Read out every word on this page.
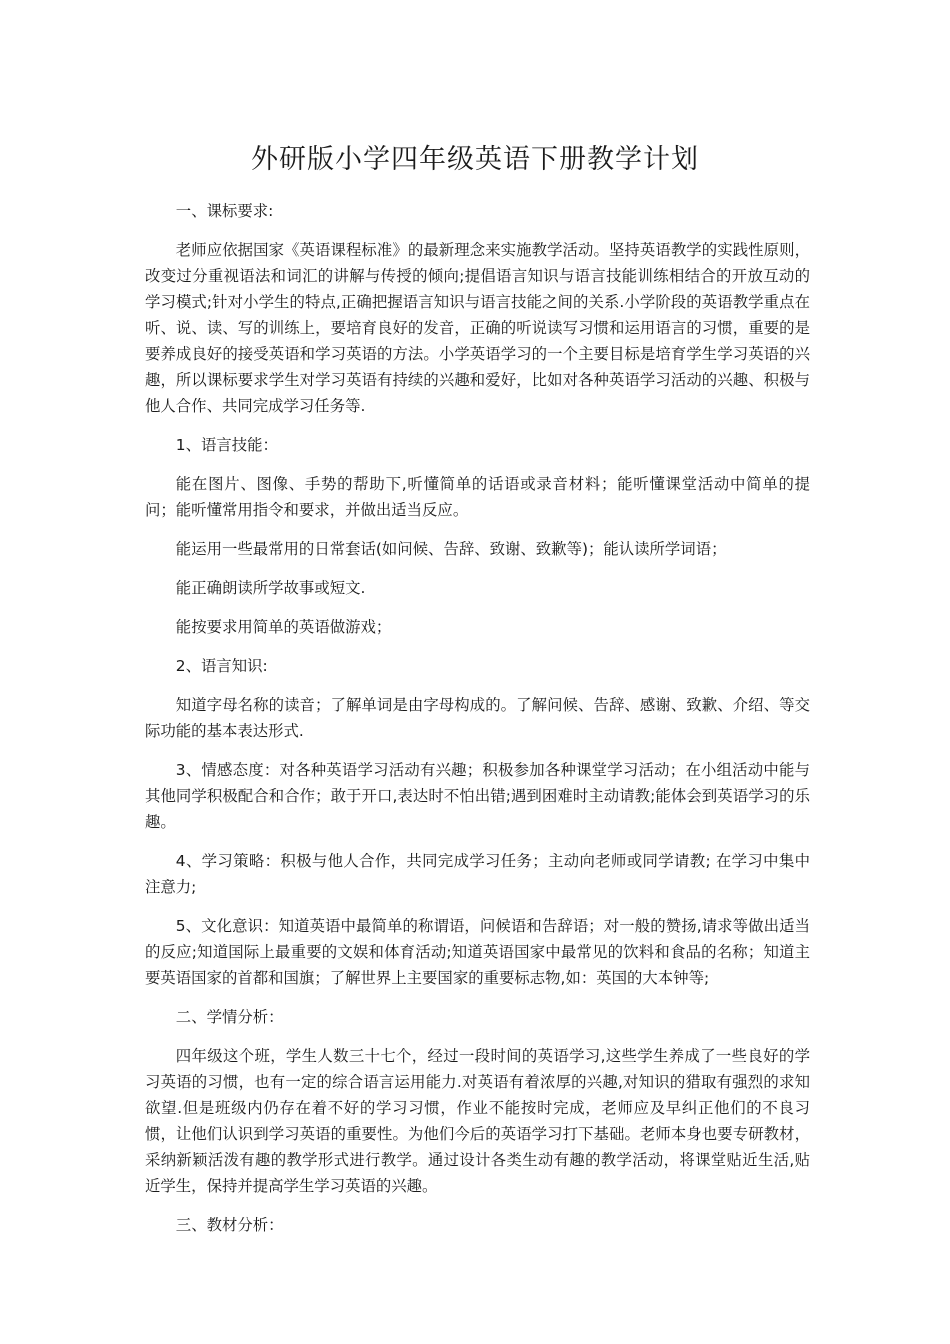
外研版小学四年级英语下册教学计划

一、课标要求:

老师应依据国家《英语课程标准》的最新理念来实施教学活动。坚持英语教学的实践性原则，改变过分重视语法和词汇的讲解与传授的倾向;提倡语言知识与语言技能训练相结合的开放互动的学习模式;针对小学生的特点,正确把握语言知识与语言技能之间的关系.小学阶段的英语教学重点在听、说、读、写的训练上，要培育良好的发音，正确的听说读写习惯和运用语言的习惯，重要的是要养成良好的接受英语和学习英语的方法。小学英语学习的一个主要目标是培育学生学习英语的兴趣，所以课标要求学生对学习英语有持续的兴趣和爱好，比如对各种英语学习活动的兴趣、积极与他人合作、共同完成学习任务等.

1、语言技能：

能在图片、图像、手势的帮助下,听懂简单的话语或录音材料；能听懂课堂活动中简单的提问；能听懂常用指令和要求，并做出适当反应。

能运用一些最常用的日常套话(如问候、告辞、致谢、致歉等)；能认读所学词语；

能正确朗读所学故事或短文.

能按要求用简单的英语做游戏；

2、语言知识:

知道字母名称的读音；了解单词是由字母构成的。了解问候、告辞、感谢、致歉、介绍、等交际功能的基本表达形式.

3、情感态度：对各种英语学习活动有兴趣；积极参加各种课堂学习活动；在小组活动中能与其他同学积极配合和合作；敢于开口,表达时不怕出错;遇到困难时主动请教;能体会到英语学习的乐趣。

4、学习策略：积极与他人合作，共同完成学习任务；主动向老师或同学请教; 在学习中集中注意力;

5、文化意识：知道英语中最简单的称谓语，问候语和告辞语；对一般的赞扬,请求等做出适当的反应;知道国际上最重要的文娱和体育活动;知道英语国家中最常见的饮料和食品的名称；知道主要英语国家的首都和国旗；了解世界上主要国家的重要标志物,如：英国的大本钟等;

二、学情分析：

四年级这个班，学生人数三十七个，经过一段时间的英语学习,这些学生养成了一些良好的学习英语的习惯，也有一定的综合语言运用能力.对英语有着浓厚的兴趣,对知识的猎取有强烈的求知欲望.但是班级内仍存在着不好的学习习惯，作业不能按时完成，老师应及早纠正他们的不良习惯，让他们认识到学习英语的重要性。为他们今后的英语学习打下基础。老师本身也要专研教材，采纳新颖活泼有趣的教学形式进行教学。通过设计各类生动有趣的教学活动，将课堂贴近生活,贴近学生，保持并提高学生学习英语的兴趣。

三、教材分析：
